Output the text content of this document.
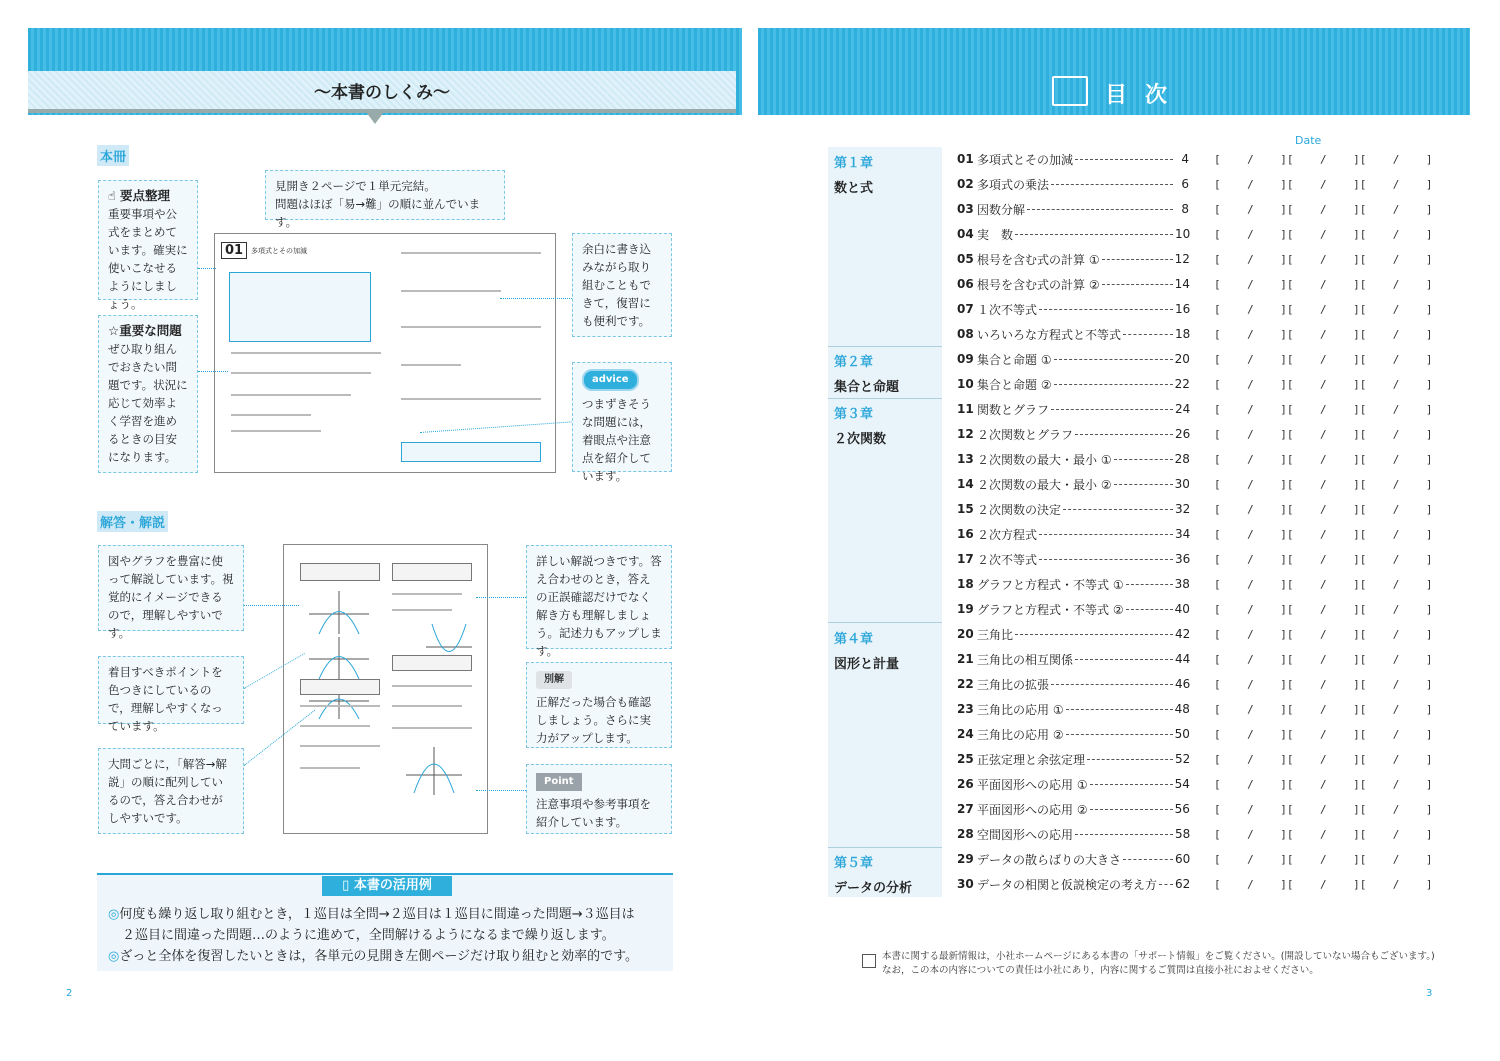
〜本書のしくみ〜
本冊
☝ 要点整理
重要事項や公式をまとめています。確実に使いこなせるようにしましょう。
☆重要な問題
ぜひ取り組んでおきたい問題です。状況に応じて効率よく学習を進めるときの目安になります。
見開き２ページで１単元完結。
問題はほぼ「易→難」の順に並んでいます。
01	多項式とその加減	余白に書き込みながら取り組むこともできて，復習にも便利です。
advice
つまずきそうな問題には，着眼点や注意点を紹介しています。
解答・解説
図やグラフを豊富に使って解説しています。視覚的にイメージできるので，理解しやすいです。
着目すべきポイントを色つきにしているので，理解しやすくなっています。
大問ごとに，「解答→解説」の順に配列しているので，答え合わせがしやすいです。
詳しい解説つきです。答え合わせのとき，答えの正誤確認だけでなく解き方も理解しましょう。記述力もアップします。
別解
正解だった場合も確認しましょう。さらに実力がアップします。
Point
注意事項や参考事項を紹介しています。
▯ 本書の活用例
◎ 何度も繰り返し取り組むとき，１巡目は全問→２巡目は１巡目に間違った問題→３巡目は
２巡目に間違った問題…のように進めて，全問解けるようになるまで繰り返します。
◎ ざっと全体を復習したいときは，各単元の見開き左側ページだけ取り組むと効率的です。
2
目次
Date
第１章
数と式
第２章
集合と命題
第３章
２次関数
第４章
図形と計量
第５章
データの分析
01 多項式とその加減	4 [    /    ][    /    ][    /    ]
02 多項式の乗法	6 [    /    ][    /    ][    /    ]
03 因数分解	8 [    /    ][    /    ][    /    ]
04 実　数	10 [    /    ][    /    ][    /    ]
05 根号を含む式の計算 ①	12 [    /    ][    /    ][    /    ]
06 根号を含む式の計算 ②	14 [    /    ][    /    ][    /    ]
07 １次不等式	16 [    /    ][    /    ][    /    ]
08 いろいろな方程式と不等式	18 [    /    ][    /    ][    /    ]
09 集合と命題 ①	20 [    /    ][    /    ][    /    ]
10 集合と命題 ②	22 [    /    ][    /    ][    /    ]
11 関数とグラフ	24 [    /    ][    /    ][    /    ]
12 ２次関数とグラフ	26 [    /    ][    /    ][    /    ]
13 ２次関数の最大・最小 ①	28 [    /    ][    /    ][    /    ]
14 ２次関数の最大・最小 ②	30 [    /    ][    /    ][    /    ]
15 ２次関数の決定	32 [    /    ][    /    ][    /    ]
16 ２次方程式	34 [    /    ][    /    ][    /    ]
17 ２次不等式	36 [    /    ][    /    ][    /    ]
18 グラフと方程式・不等式 ①	38 [    /    ][    /    ][    /    ]
19 グラフと方程式・不等式 ②	40 [    /    ][    /    ][    /    ]
20 三角比	42 [    /    ][    /    ][    /    ]
21 三角比の相互関係	44 [    /    ][    /    ][    /    ]
22 三角比の拡張	46 [    /    ][    /    ][    /    ]
23 三角比の応用 ①	48 [    /    ][    /    ][    /    ]
24 三角比の応用 ②	50 [    /    ][    /    ][    /    ]
25 正弦定理と余弦定理	52 [    /    ][    /    ][    /    ]
26 平面図形への応用 ①	54 [    /    ][    /    ][    /    ]
27 平面図形への応用 ②	56 [    /    ][    /    ][    /    ]
28 空間図形への応用	58 [    /    ][    /    ][    /    ]
29 データの散らばりの大きさ	60 [    /    ][    /    ][    /    ]
30 データの相関と仮説検定の考え方 62 [    /    ][    /    ][    /    ]
本書に関する最新情報は，小社ホームページにある本書の「サポート情報」をご覧ください。(開設していない場合もございます。)
なお，この本の内容についての責任は小社にあり，内容に関するご質問は直接小社におよせください。
3
